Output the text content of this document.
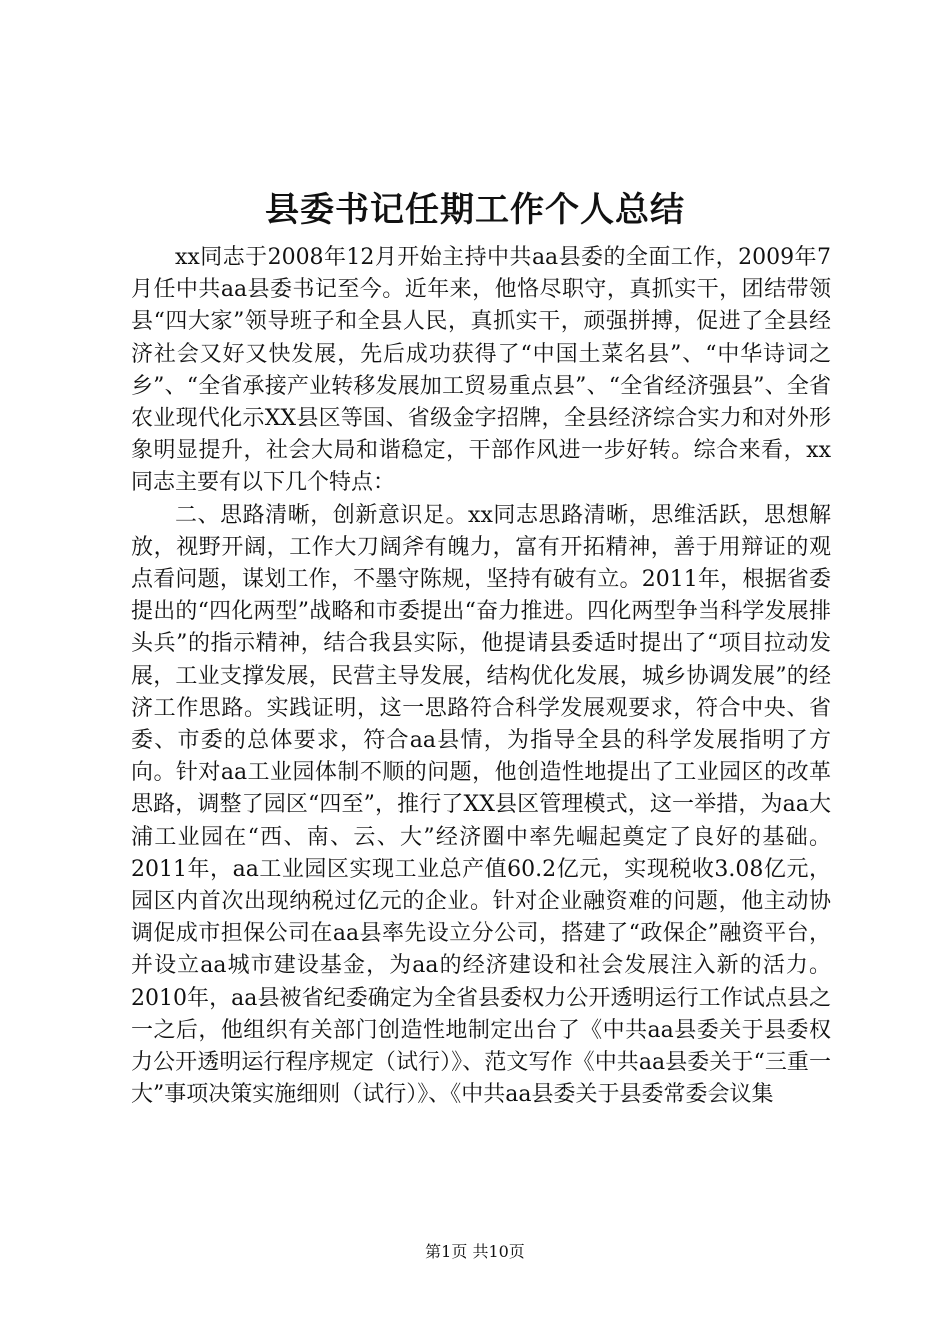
县委书记任期工作个人总结

xx同志于2008年12月开始主持中共aa县委的全面工作，2009年7月任中共aa县委书记至今。近年来，他恪尽职守，真抓实干，团结带领县“四大家”领导班子和全县人民，真抓实干，顽强拼搏，促进了全县经济社会又好又快发展，先后成功获得了“中国土菜名县”、“中华诗词之乡”、“全省承接产业转移发展加工贸易重点县”、“全省经济强县”、全省农业现代化示XX县区等国、省级金字招牌，全县经济综合实力和对外形象明显提升，社会大局和谐稳定，干部作风进一步好转。综合来看，xx同志主要有以下几个特点：

二、思路清晰，创新意识足。xx同志思路清晰，思维活跃，思想解放，视野开阔，工作大刀阔斧有魄力，富有开拓精神，善于用辩证的观点看问题，谋划工作，不墨守陈规，坚持有破有立。2011年，根据省委提出的“四化两型”战略和市委提出“奋力推进。四化两型争当科学发展排头兵”的指示精神，结合我县实际，他提请县委适时提出了“项目拉动发展，工业支撑发展，民营主导发展，结构优化发展，城乡协调发展”的经济工作思路。实践证明，这一思路符合科学发展观要求，符合中央、省委、市委的总体要求，符合aa县情，为指导全县的科学发展指明了方向。针对aa工业园体制不顺的问题，他创造性地提出了工业园区的改革思路，调整了园区“四至”，推行了XX县区管理模式，这一举措，为aa大浦工业园在“西、南、云、大”经济圈中率先崛起奠定了良好的基础。2011年，aa工业园区实现工业总产值60.2亿元，实现税收3.08亿元，园区内首次出现纳税过亿元的企业。针对企业融资难的问题，他主动协调促成市担保公司在aa县率先设立分公司，搭建了“政保企”融资平台，并设立aa城市建设基金，为aa的经济建设和社会发展注入新的活力。2010年，aa县被省纪委确定为全省县委权力公开透明运行工作试点县之一之后，他组织有关部门创造性地制定出台了《中共aa县委关于县委权力公开透明运行程序规定（试行）》、范文写作《中共aa县委关于“三重一大”事项决策实施细则（试行）》、《中共aa县委关于县委常委会议集

第1页 共10页
